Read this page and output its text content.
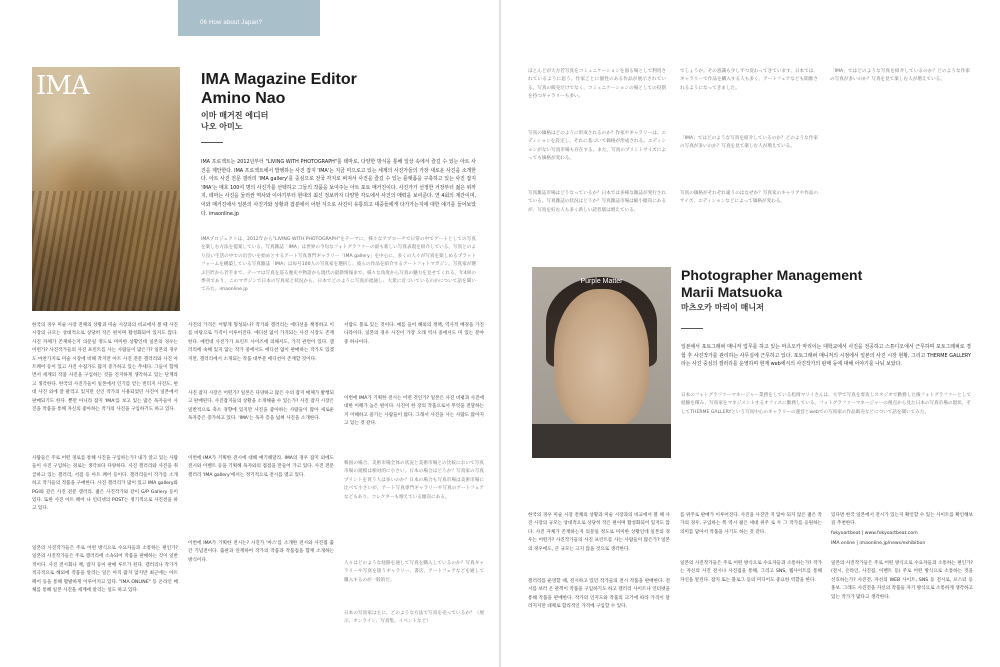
06 How about Japan?
IMA	IMA Magazine Editor
Amino Nao
이마 매거진 에디터
나오 아미노
IMA 프로젝트는 2012년부터 "LIVING WITH PHOTOGRAPH"를 테마로, 다양한 방식을 통해 일상 속에서 즐길 수 있는 아트 사진을 제안한다. IMA 프로젝트에서 발행하는 사진 잡지 'IMA'는 지금 미으로고 있는 세계의 사진가들의 가장 새로운 사진을 소개한다. 아트 사진 전문 갤러리 'IMA gallery'를 중심으로 전국 각지로 퍼져서 사진을 즐길 수 있는 플랫폼을 구축하고 있는 사진 잡지 'IMA'는 매호 100여 명의 사진가를 선택하고 그들의 작품을 보여주는 아트 포토 매거진이다. 사진가가 선정한 거장부터 젊은 위까지, 테마는 사진을 둘러싼 역사와 이야기부터 현대의 최신 정보까지 다양한 각도에서 사진의 매력을 보여준다. 연 4회의 계간이며, 이와 매거진에서 일본의 사진가와 상황과 잡분에서 어떤 식으로 사진이 유통되고 대중들에게 다가가는지에 대한 얘기를 들어보았다. imaonline.jp
IMAプロジェクトは、2012年から"LIVING WITH PHOTOGRAPH"をテーマに、様々なアプローチで日常の中でアートとしての写真を楽しむ方法を提案している。写真雑誌「IMA」は世界の今旬なフォトグラファーの最も新しい写真表現を紹介している。写真とのより良い生活の中での出会いを始めとするアート写真専門ギャラリー「IMA gallery」を中心に、多くの人々が写真を楽しめるプラットフォームを構築している写真雑誌「IMA」は毎号100人の写真家を選択し、彼らの作品を紹介するアートフォトマガジン。写真家が選ぶ巨匠から若手まで、テーマは写真を巡る歴史や物語から現代の最新情報まで、様々な角度から写真の魅力を見せてくれる。年4回の季刊であり、このマガジンで日本の写真家と状況から、日本でどのように写真が流通し、大衆に近づいているのかについて話を聞いてみた。imaonline.jp
한국의 경우 미술 시장 전체의 상황과 미술 시장과의 비교에서 볼 때 사진 시장의 규모는 상대적으로 상당히 작은 편이며 활성화되어 있지도 않다. 사진 자체가 존재하는지 의문일 정도로 미미한 상황인데 일본의 경우는 어떤가? 사진작가들의 사진 프린트를 사는 사람들이 많은가? 일본의 경우도 마찬가지로 미술 시장에 비해 작지만 아트 사진 전문 갤러리와 사진 아트페어 등이 있고 사진 수집가도 많지 증가하고 있는 추세다. 그들이 함께 면서 세계의 작품 사진을 구입하는 것을 진지하게 생각하고 있는 단계라고 생각한다. 한국의 사진가들이 일본에서 인기를 얻는 빈티지 사진도, 현대 사진 외에 잘 팔리고 있지만 신인 작가의 사용되었던 사진이 일본에서 판매되기도 한다. 뿐만 아니라 잡지 'IMA'를 보고 있는 많은 독자들이 사진을 작품을 통해 자신의 좋아하는 작가의 사진을 구입하기도 하고 있다.
사람들은 주로 어떤 경로를 통해 사진을 구입하는가? 내가 알고 있는 사람들이 사진 구입하는 경로는 생각보다 다양하다. 사진 갤러리와 사진을 취급하고 있는 갤러리, 서점 등 아트 페어 등이다. 갤러리들이 작가를 소개하고 작가들의 작품을 구매한다. 사진 갤러리가 많이 있고 IMA gallery와 PGI와 같은 사진 전문 갤러리, 젊은 사진작가와 같이 G/P Gallery 등이 있다. 또한 사진 아트 페어 나 인터넷의 POST는 정기적으로 사진전을 하고 있다.
일본의 사진작가들은 주로 어떤 방식으로 수요자들과 소통하는 편인가? 일본의 사진작가들은 주로 갤러리에 소속되어 작품을 판매하는 것이 일반적이다. 사진 전시회나 책, 잡지 등이 판매 루트가 된다. 갤러리나 작가가 적극적으로 해외에 작품을 알리는 일은 아직 많지 않지만 최근에는 아트 페어 등을 통해 활발하게 이루어지고 있다. "IMA ONLINE" 등 온라인 매체를 통해 일본 사진을 세계에 알리는 일도 하고 있다.
사진의 가격은 어떻게 형성되나? 작가와 갤러리는 에디션을 책정하고 이를 바탕으로 가격이 이루어진다. 에디션 없이 가격되는 사진 시장도 존재한다. 예컨대 사진가가 프린트 사이즈에 의해서도, 가격 관련이 있다. 갤러리에 속해 있지 않는 작가 중에서도 에디션 없이 판매하는 작가도 있겠지만, 갤러리에서 소개되는 작품 대부분 에디션이 존재할 것이다.
사진 잡지 시장은 어떤가? 일본은 다양하고 많은 수의 잡지 매체가 발행되고 판매된다. 사진잡지들의 상황을 소개해줄 수 있는가? 사진 잡지 시장은 일반적으로 축소 경향에 있지만 사진을 좋아하는 사람들이 많아 새로운 독자층은 증가하고 있다. 'IMA'는 독자 층을 넓혀 사진을 소개한다.
이번에 IMA가 기획한 전시에 대해 얘기해달라. IMA의 경우 잡지 외에도 전시와 이벤트 등을 기획해 독자와의 접점을 만들어 가고 있다. 사진 전문 갤러리 'IMA gallery'에서는 정기적으로 전시를 열고 있다.
이번에 IMA가 기획한 전시는? 사진가 '마스'를 소개한 전시와 사진집 출간 기념전이다. 출판과 연계하여 작가의 작품과 작품집을 함께 소개하는 방식이다.
서랍도 볼로 있는 것이다. 예를 들어 해외의 정책, 역사적 배경을 가진 나라이다. 일본의 경우 사진이 가장 오래 역사 중에서도 미 있는 분야 중 하나이다.
이번에 IMA가 기획한 전시는 어떤 것인가? 일본은 사진 비평과 사진에 대한 이해가 높은 편이다. 사진이 한 장의 작품으로서 무엇을 전달하는지 이해하고 즐기는 사람들이 많다. 그래서 사진을 사는 사람도 많아지고 있는 것 같다.
韓国の場合、美術市場全体の状況と美術市場との比較において写真市場の規模は相対的に小さい。日本の場合はどうか？写真家の写真プリントを買う人は多いのか？日本の場合も写真市場は美術市場に比べて小さいが、アート写真専門ギャラリーや写真のアートフェアなどもあり、コレクターも増えている傾向にある。
人々はどのような経路を通して写真を購入しているのか？写真ギャラリーや写真を扱うギャラリー、書店、アートフェアなどを通して購入するのが一般的だ。
日本の写真家は主に、どのような方法で写真を売っているか？（展示、オンライン、写真集、イベントなど）
ほとんどが大方若写真をコミュニケーションを図る場として利用されているように思う。作家ごとに個性のある作品が展示されている。写真の販売だけでなく、コミュニケーションの場としての役割を持つギャラリーも多い。
写真の価格はどのように形成されるのか？作家やギャラリーは、エディションを設定し、それに基づいて価格が形成される。エディションがない写真市場も存在する。また、写真のプリントサイズによっても価格が変わる。
写真雑誌市場はどうなっているか？日本では多様な雑誌が発行されている。写真雑誌の状況はどうか？写真雑誌市場は縮小傾向にあるが、写真を好む人も多く新しい読者層は増えている。
でしょうか。その意識も少しずつ変わってきています。日本では、ギャラリーで作品を購入する人も多く、アートフェアなども開催されるようになってきました。
「IMA」ではどのような写真を紹介しているのか？どのような作家の写真が多いのか？写真を見て楽しむ人が増えている。
写真の価格がそれぞれ違うのはなぜか？写真家のキャリアや作品のサイズ、エディションなどによって価格が変わる。
「IMA」ではどのような写真を紹介しているのか？どのような作家の写真が多いのか？写真を見て楽しむ人が増えている。
Purple Matter	Photographer Management
Marii Matsuoka
마츠오카 마리이 매니저
일본에서 포토그래퍼 매니저 업무를 하고 있는 마츠오카 마리이는 대학교에서 사진을 전공하고 스튜디오에서 근무하며 포토그래퍼로 경험 후 사진작가를 관리하는 사무실에 근무하고 있다. 포토그래퍼 매니저의 시점에서 일본의 사진 시장 현황, 그리고 THERME GALLERY라는 사진 중심의 갤러리를 운영하며 현재 web에서의 사진작가의 판매 등에 대해 이야기를 나눠 보았다.
日本のフォトグラファーマネージャー業務をしている松岡マリイさんは、大学で写真を専攻しスタジオで勤務した後フォトグラファーとして経験を積み、写真家をマネジメントするオフィスに勤務している。フォトグラファーマネージャーの視点から見た日本の写真市場の現状、そしてTHERME GALLERYという写真中心のギャラリーの運営とwebでの写真家の作品販売などについて話を聞いてみた。
한국의 경우 미술 시장 전체의 상황과 미술 시장과의 비교에서 볼 때 사진 시장의 규모는 상대적으로 상당히 작은 편이며 활성화되어 있지도 않다. 사진 자체가 존재하는지 의문일 정도로 미미한 상황인데 일본의 경우는 어떤가? 사진작가들의 사진 프린트를 사는 사람들이 많은가? 일본의 경우에도, 큰 규모는 크지 않을 것으로 생각한다.
갤러리를 운영할 때, 전시하고 있던 작가들의 전시 작품을 판매한다. 전시를 보러 온 관객이 작품을 구입하기도 하고 갤러리 사이트나 인터넷을 통해 작품을 판매한다. 작가의 인지도와 작품의 크기에 따라 가격이 달라지지만 대체로 합리적인 가격에 구입할 수 있다.
를 위주로 판매가 이루어진다. 사진을 사진만 지 않아 되지 않은 젊은 작가의 경우, 구입하는 쪽 역시 젊은 세대 위주 로 두 그 작가를 응원하는 의미를 담아서 작품을 사기도 하는 것 같다.
일본의 사진작가들은 주로 어떤 방식으로 수요자들과 소통하는가? 작가는 자신의 사진 전시나 사진집을 통해, 그리고 SNS, 웹사이트를 통해 자신을 알린다. 잡지 또는 블로그 등의 미디어도 중요한 역할을 한다.
있다면 한국 일본에서 전시가 있는지 확인할 수 있는 사이트를 확인해보길 추천한다.
fokyoartbeat | www.fokyoartbeat.com
IMA online | imaonline.jp/news/exhibition
일본의 사진작가들은 주로 어떤 방식으로 수요자들과 소통하는 편인가? (전시, 온라인, 사진집, 이벤트 등) 주로 어떤 방식으로 소통하는 것을 선호하는가? 사진전, 자선의 WEB 사이트, SNS 등 전시로, 포스터 등 홍보. 그래도 사진전을 자신의 작품들 자기 방식으로 소통하게 생각하고 있는 작가가 많다고 생각한다.
